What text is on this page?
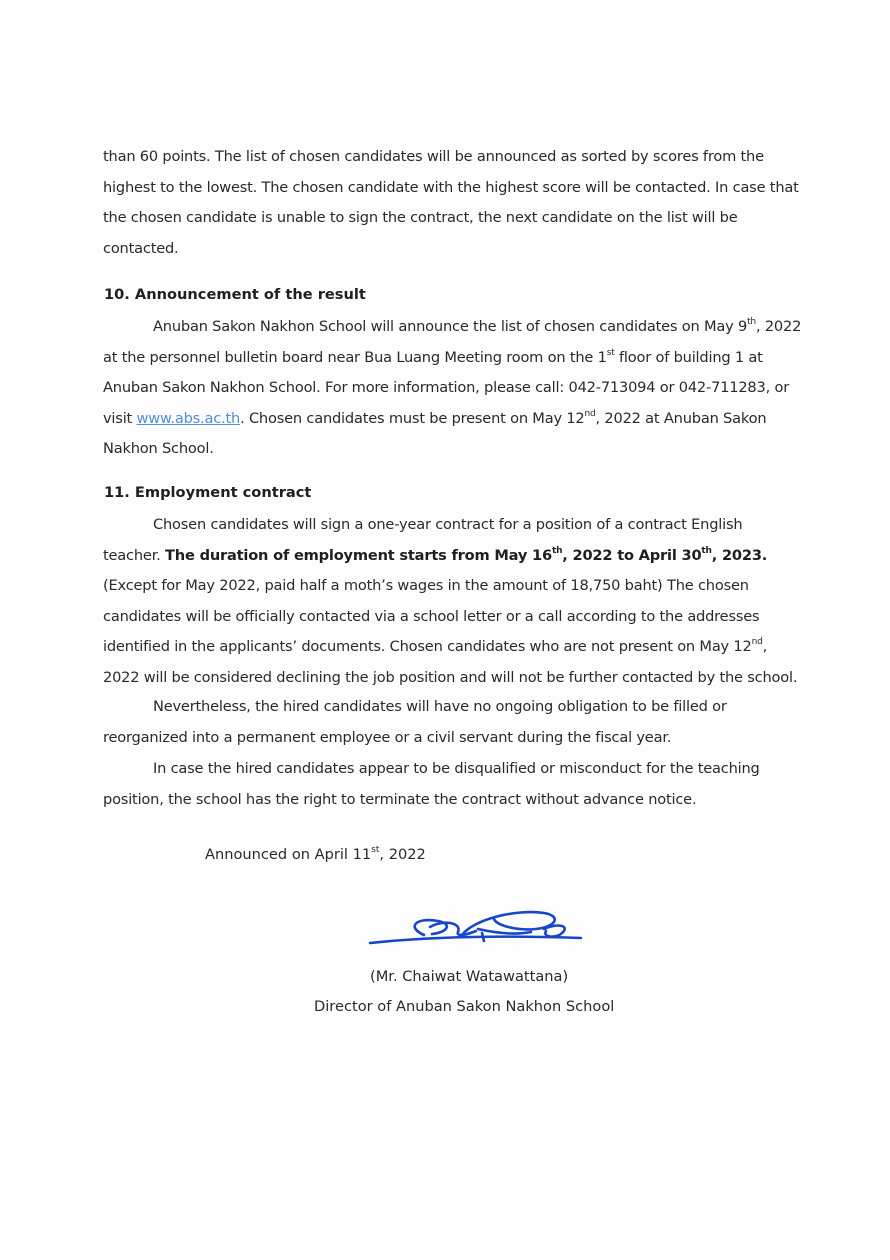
than 60 points. The list of chosen candidates will be announced as sorted by scores from the highest to the lowest. The chosen candidate with the highest score will be contacted. In case that the chosen candidate is unable to sign the contract, the next candidate on the list will be contacted.

10. Announcement of the result

Anuban Sakon Nakhon School will announce the list of chosen candidates on May 9th, 2022 at the personnel bulletin board near Bua Luang Meeting room on the 1st floor of building 1 at Anuban Sakon Nakhon School. For more information, please call: 042-713094 or 042-711283, or visit www.abs.ac.th. Chosen candidates must be present on May 12nd, 2022 at Anuban Sakon Nakhon School.

11. Employment contract

Chosen candidates will sign a one-year contract for a position of a contract English teacher. The duration of employment starts from May 16th, 2022 to April 30th, 2023.(Except for May 2022, paid half a moth’s wages in the amount of 18,750 baht) The chosen candidates will be officially contacted via a school letter or a call according to the addresses identified in the applicants’ documents. Chosen candidates who are not present on May 12nd, 2022 will be considered declining the job position and will not be further contacted by the school.

Nevertheless, the hired candidates will have no ongoing obligation to be filled or reorganized into a permanent employee or a civil servant during the fiscal year.

In case the hired candidates appear to be disqualified or misconduct for the teaching position, the school has the right to terminate the contract without advance notice.

Announced on April 11st, 2022

(Mr. Chaiwat Watawattana)

Director of Anuban Sakon Nakhon School
